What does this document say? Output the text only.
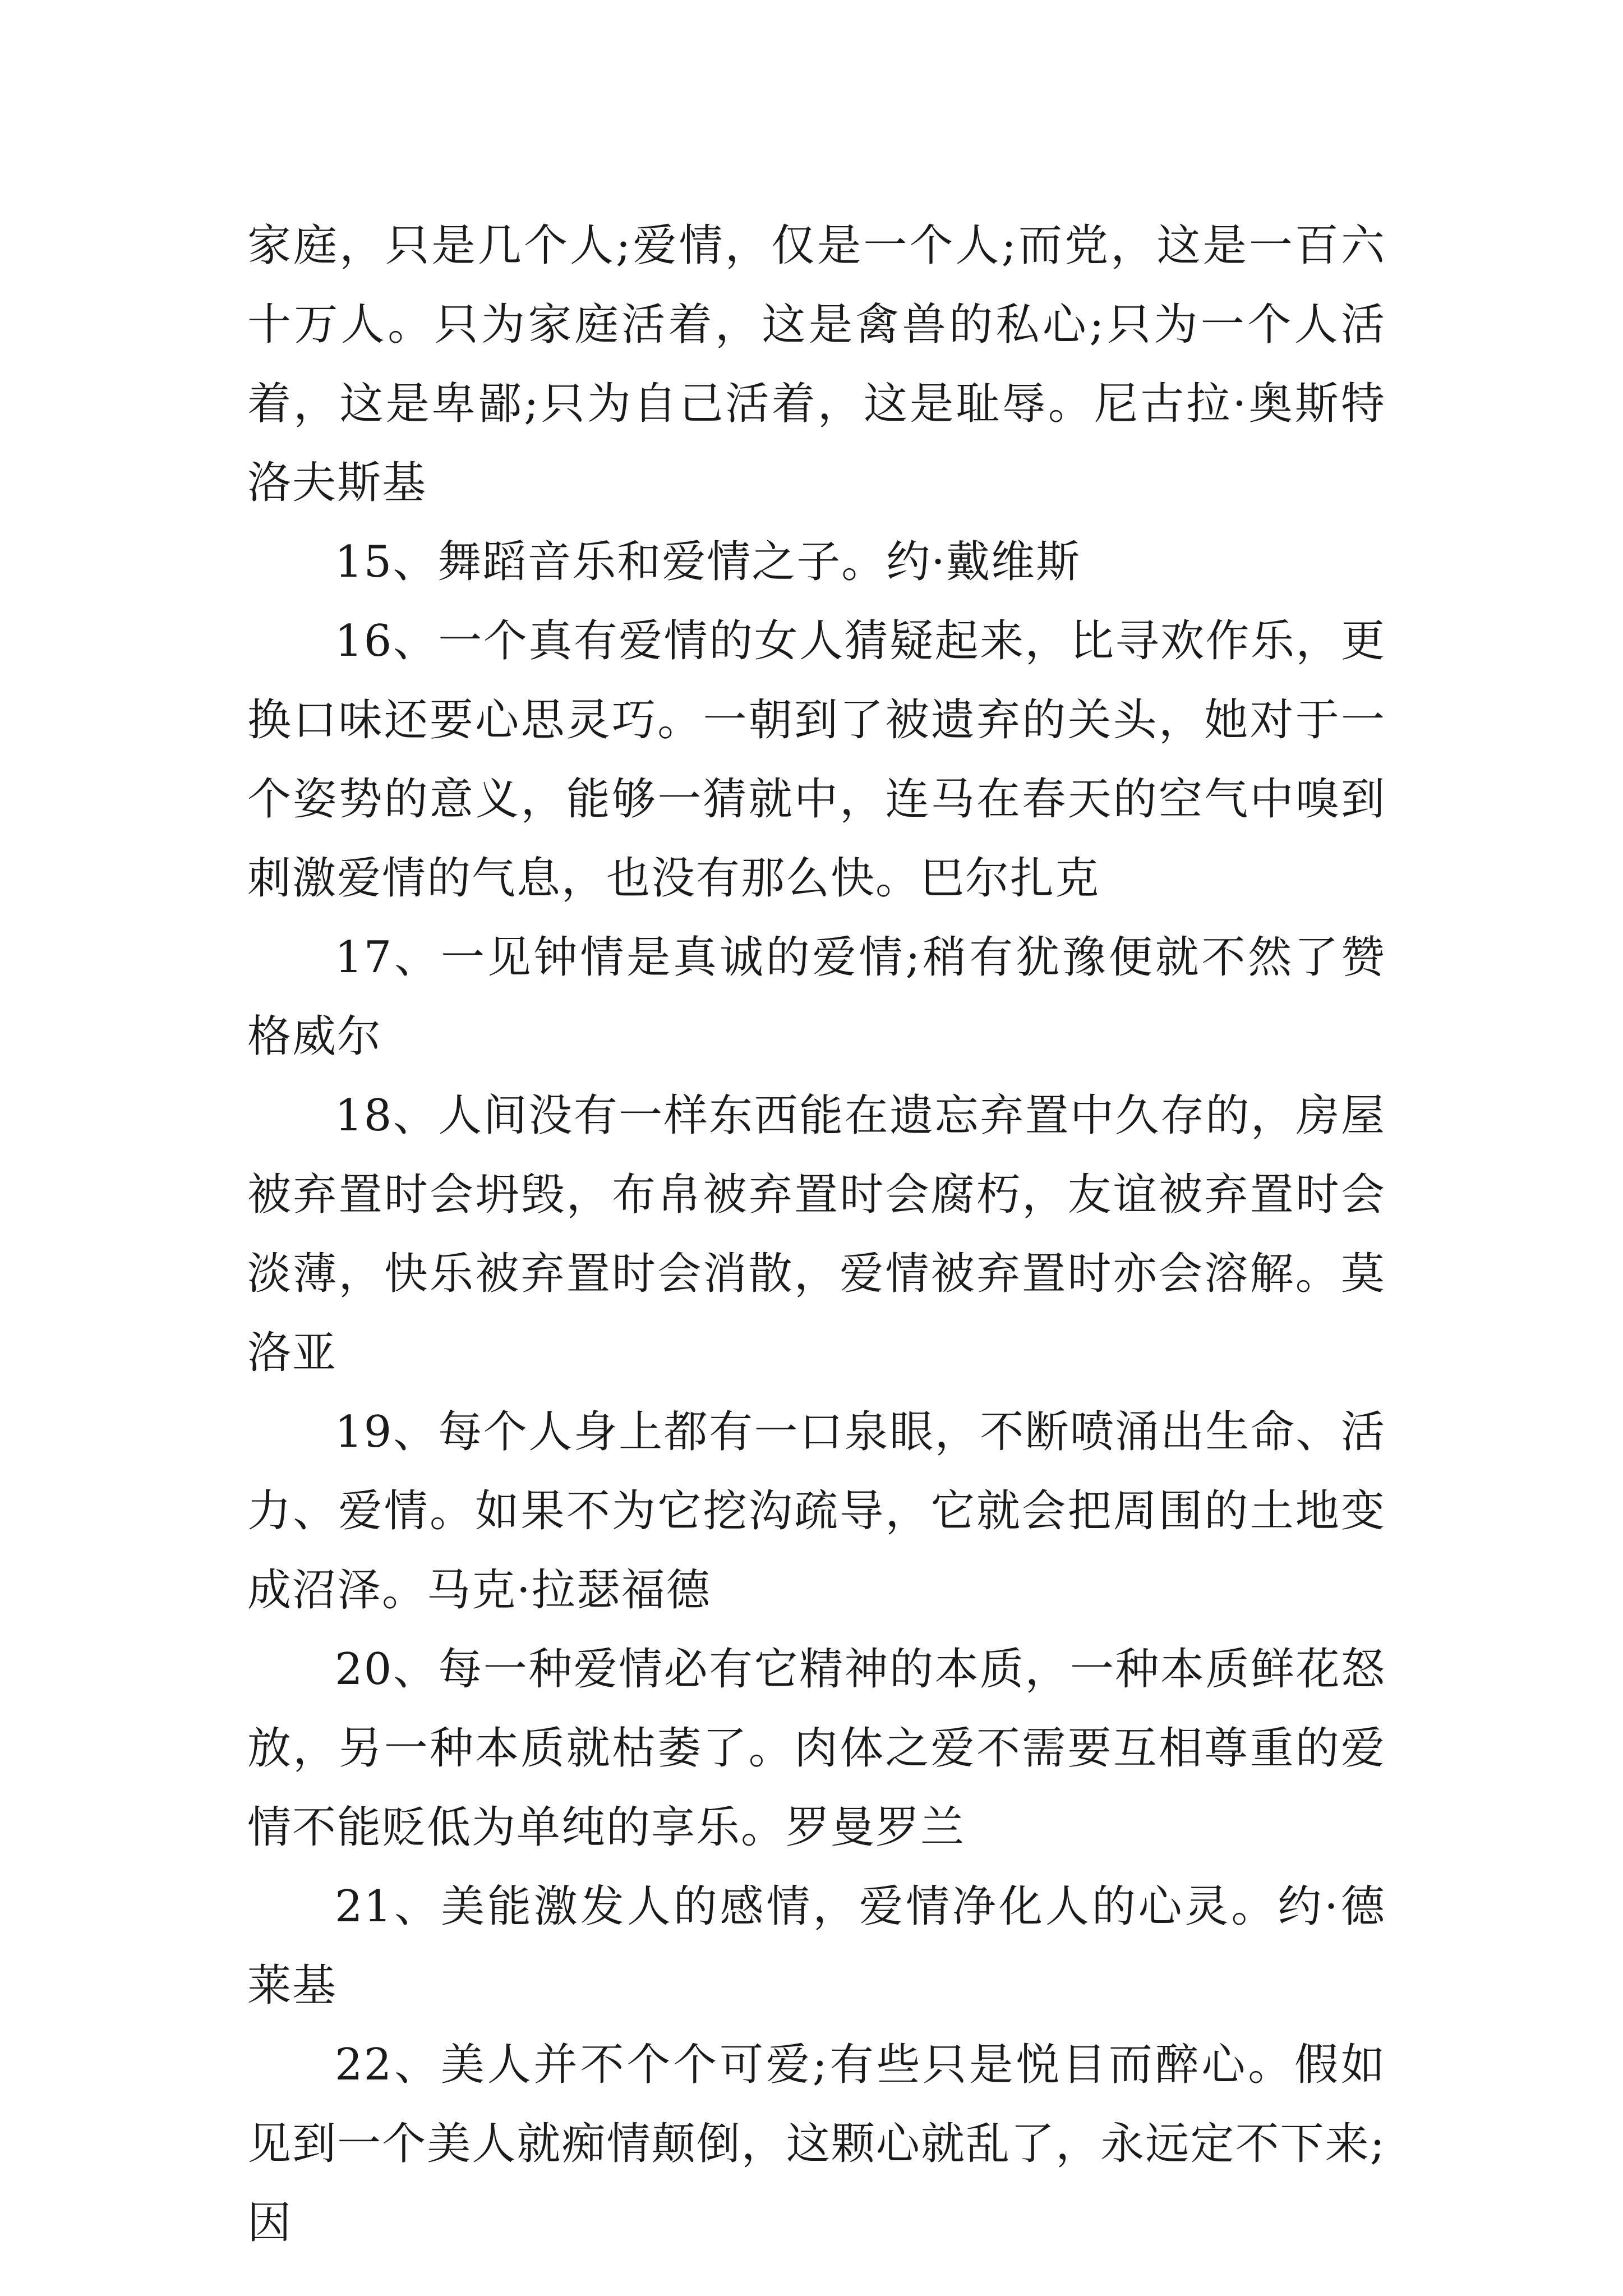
家庭，只是几个人;爱情，仅是一个人;而党，这是一百六十万人。只为家庭活着，这是禽兽的私心;只为一个人活着，这是卑鄙;只为自己活着，这是耻辱。尼古拉·奥斯特洛夫斯基

15、舞蹈音乐和爱情之子。约·戴维斯

16、一个真有爱情的女人猜疑起来，比寻欢作乐，更换口味还要心思灵巧。一朝到了被遗弃的关头，她对于一个姿势的意义，能够一猜就中，连马在春天的空气中嗅到刺激爱情的气息，也没有那么快。巴尔扎克

17、一见钟情是真诚的爱情;稍有犹豫便就不然了赞格威尔

18、人间没有一样东西能在遗忘弃置中久存的，房屋被弃置时会坍毁，布帛被弃置时会腐朽，友谊被弃置时会淡薄，快乐被弃置时会消散，爱情被弃置时亦会溶解。莫洛亚

19、每个人身上都有一口泉眼，不断喷涌出生命、活力、爱情。如果不为它挖沟疏导，它就会把周围的土地变成沼泽。马克·拉瑟福德

20、每一种爱情必有它精神的本质，一种本质鲜花怒放，另一种本质就枯萎了。肉体之爱不需要互相尊重的爱情不能贬低为单纯的享乐。罗曼罗兰

21、美能激发人的感情，爱情净化人的心灵。约·德莱基

22、美人并不个个可爱;有些只是悦目而醉心。假如见到一个美人就痴情颠倒，这颗心就乱了，永远定不下来;因
